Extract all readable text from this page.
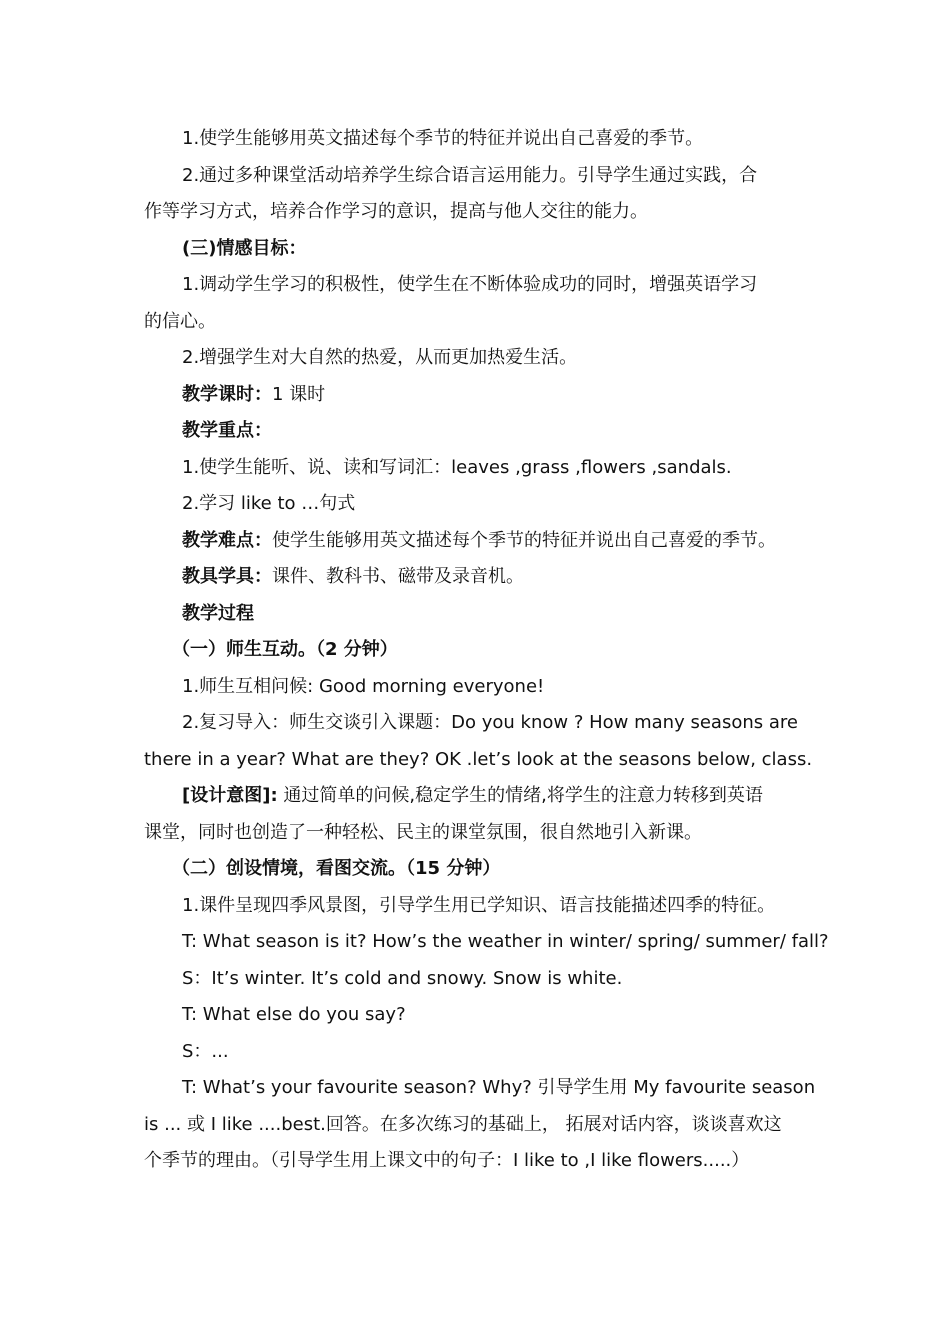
1.使学生能够用英文描述每个季节的特征并说出自己喜爱的季节。

2.通过多种课堂活动培养学生综合语言运用能力。引导学生通过实践，合

作等学习方式，培养合作学习的意识，提高与他人交往的能力。

(三)情感目标：

1.调动学生学习的积极性，使学生在不断体验成功的同时，增强英语学习

的信心。

2.增强学生对大自然的热爱，从而更加热爱生活。

教学课时：1 课时

教学重点：

1.使学生能听、说、读和写词汇：leaves ,grass ,flowers ,sandals.

2.学习 like to …句式

教学难点：使学生能够用英文描述每个季节的特征并说出自己喜爱的季节。

教具学具：课件、教科书、磁带及录音机。

教学过程

（一）师生互动。（2 分钟）

1.师生互相问候: Good morning everyone!

2.复习导入：师生交谈引入课题：Do you know ? How many seasons are

there in a year? What are they? OK .let’s look at the seasons below, class.

[设计意图]: 通过简单的问候,稳定学生的情绪,将学生的注意力转移到英语

课堂，同时也创造了一种轻松、民主的课堂氛围，很自然地引入新课。

（二）创设情境，看图交流。（15 分钟）

1.课件呈现四季风景图，引导学生用已学知识、语言技能描述四季的特征。

T: What season is it? How’s the weather in winter/ spring/ summer/ fall?

S：It’s winter. It’s cold and snowy. Snow is white.

T: What else do you say?

S：...

T: What’s your favourite season? Why? 引导学生用 My favourite season

is ... 或 I like ....best.回答。在多次练习的基础上， 拓展对话内容，谈谈喜欢这

个季节的理由。（引导学生用上课文中的句子：I like to ,I like flowers.....）
